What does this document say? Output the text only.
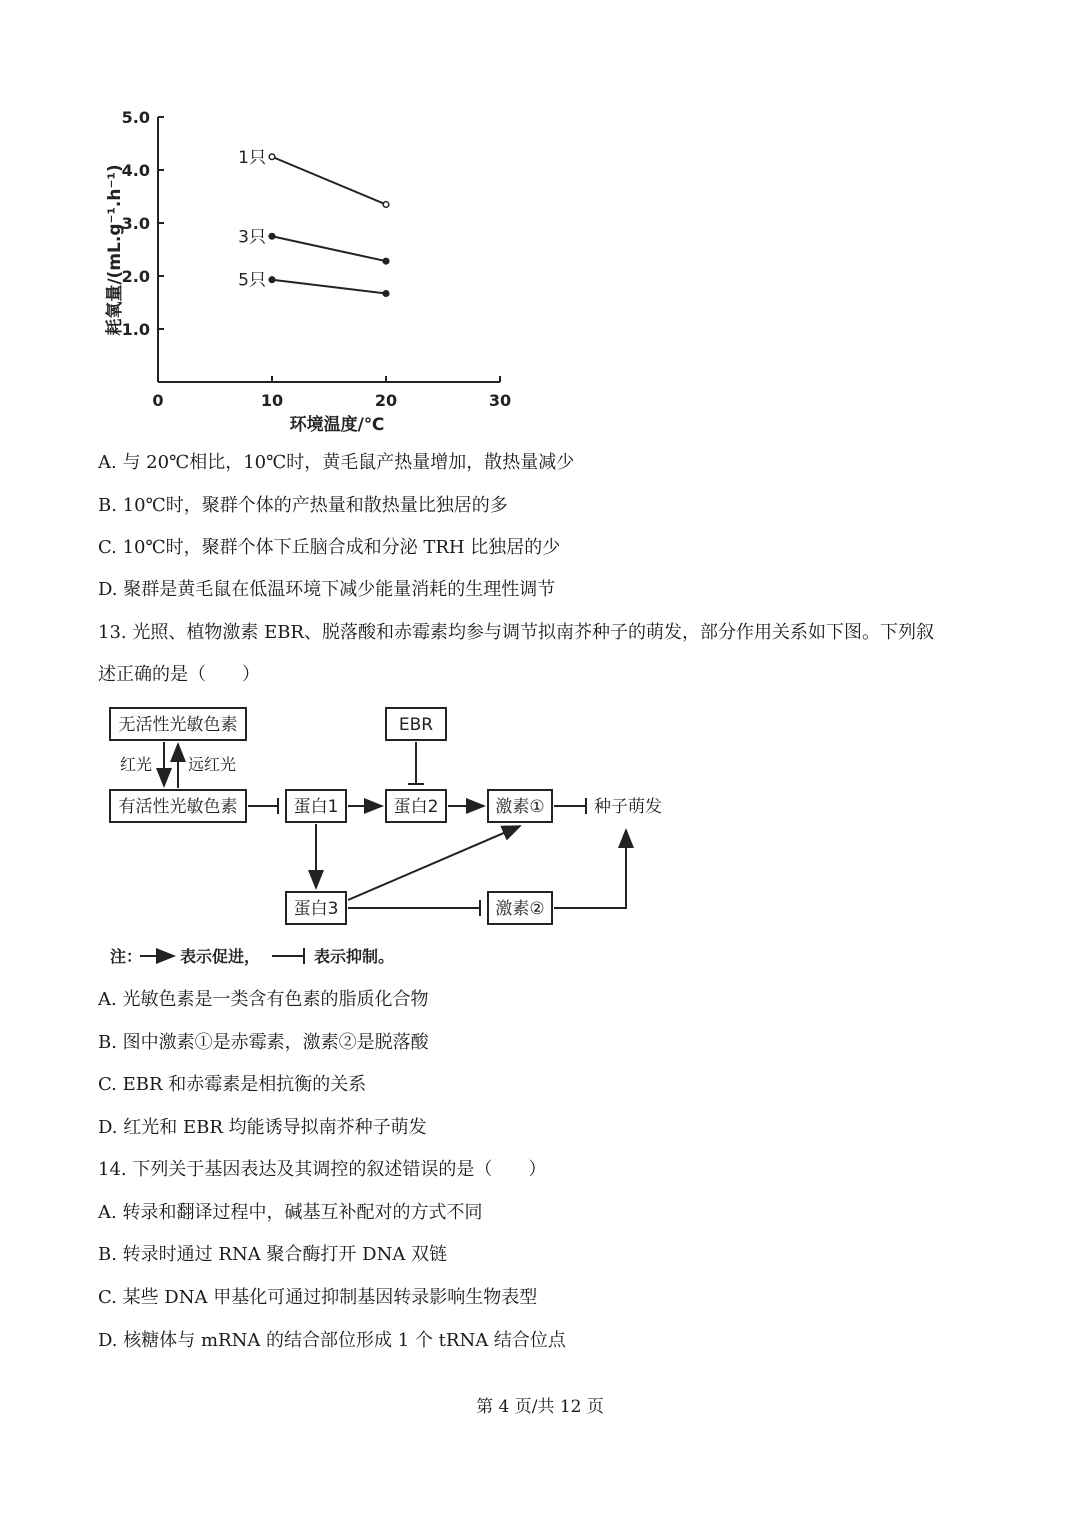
0	10	20	30
1.0
2.0
3.0
4.0
5.0
1只
3只
5只
环境温度/℃
耗氧量/(mL.g⁻¹.h⁻¹)
A. 与 20℃相比，10℃时，黄毛鼠产热量增加，散热量减少
B. 10℃时，聚群个体的产热量和散热量比独居的多
C. 10℃时，聚群个体下丘脑合成和分泌 TRH 比独居的少
D. 聚群是黄毛鼠在低温环境下减少能量消耗的生理性调节
13. 光照、植物激素 EBR、脱落酸和赤霉素均参与调节拟南芥种子的萌发，部分作用关系如下图。下列叙
述正确的是（　　）
无活性光敏色素
有活性光敏色素
EBR
蛋白1	蛋白2	激素①
蛋白3	激素②
种子萌发
红光 远红光
注： 表示促进，	表示抑制。
A. 光敏色素是一类含有色素的脂质化合物
B. 图中激素①是赤霉素，激素②是脱落酸
C. EBR 和赤霉素是相抗衡的关系
D. 红光和 EBR 均能诱导拟南芥种子萌发
14. 下列关于基因表达及其调控的叙述错误的是（　　）
A. 转录和翻译过程中，碱基互补配对的方式不同
B. 转录时通过 RNA 聚合酶打开 DNA 双链
C. 某些 DNA 甲基化可通过抑制基因转录影响生物表型
D. 核糖体与 mRNA 的结合部位形成 1 个 tRNA 结合位点
第 4 页/共 12 页
